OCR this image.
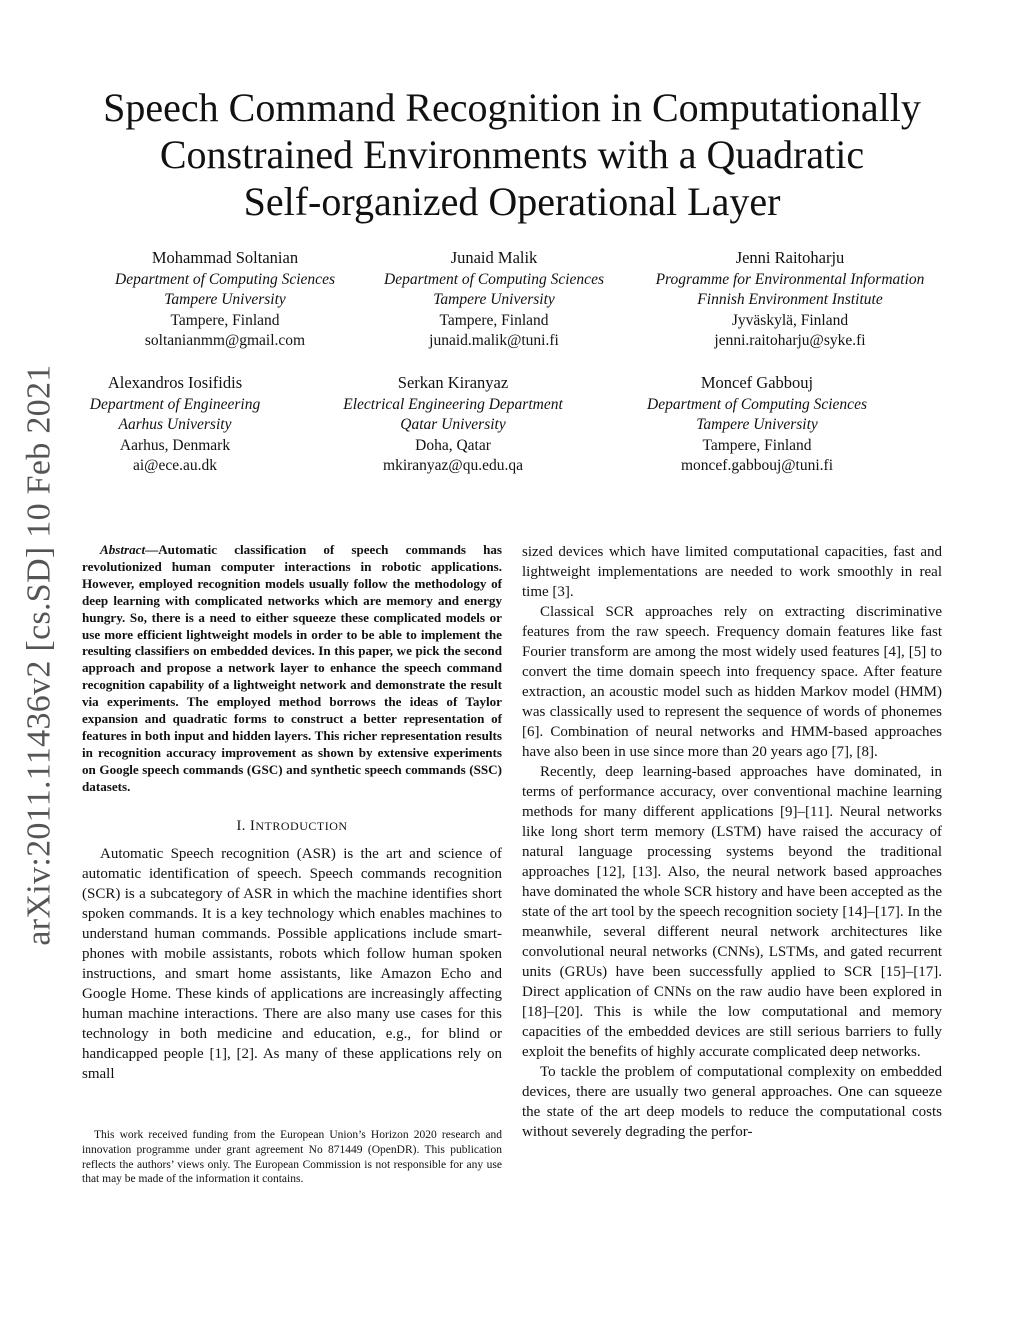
arXiv:2011.11436v2 [cs.SD] 10 Feb 2021
Speech Command Recognition in Computationally
Constrained Environments with a Quadratic
Self-organized Operational Layer
Mohammad Soltanian
Department of Computing Sciences
Tampere University
Tampere, Finland
soltanianmm@gmail.com
Junaid Malik
Department of Computing Sciences
Tampere University
Tampere, Finland
junaid.malik@tuni.fi
Jenni Raitoharju
Programme for Environmental Information
Finnish Environment Institute
Jyväskylä, Finland
jenni.raitoharju@syke.fi
Alexandros Iosifidis
Department of Engineering
Aarhus University
Aarhus, Denmark
ai@ece.au.dk
Serkan Kiranyaz
Electrical Engineering Department
Qatar University
Doha, Qatar
mkiranyaz@qu.edu.qa
Moncef Gabbouj
Department of Computing Sciences
Tampere University
Tampere, Finland
moncef.gabbouj@tuni.fi

Abstract—Automatic classification of speech commands has revolutionized human computer interactions in robotic applications. However, employed recognition models usually follow the methodology of deep learning with complicated networks which are memory and energy hungry. So, there is a need to either squeeze these complicated models or use more efficient lightweight models in order to be able to implement the resulting classifiers on embedded devices. In this paper, we pick the second approach and propose a network layer to enhance the speech command recognition capability of a lightweight network and demonstrate the result via experiments. The employed method borrows the ideas of Taylor expansion and quadratic forms to construct a better representation of features in both input and hidden layers. This richer representation results in recognition accuracy improvement as shown by extensive experiments on Google speech commands (GSC) and synthetic speech commands (SSC) datasets.

I. INTRODUCTION

Automatic Speech recognition (ASR) is the art and science of automatic identification of speech. Speech commands recognition (SCR) is a subcategory of ASR in which the machine identifies short spoken commands. It is a key technology which enables machines to understand human commands. Possible applications include smart-phones with mobile assistants, robots which follow human spoken instructions, and smart home assistants, like Amazon Echo and Google Home. These kinds of applications are increasingly affecting human machine interactions. There are also many use cases for this technology in both medicine and education, e.g., for blind or handicapped people [1], [2]. As many of these applications rely on small

This work received funding from the European Union’s Horizon 2020 research and innovation programme under grant agreement No 871449 (OpenDR). This publication reflects the authors’ views only. The European Commission is not responsible for any use that may be made of the information it contains.

sized devices which have limited computational capacities, fast and lightweight implementations are needed to work smoothly in real time [3].

Classical SCR approaches rely on extracting discriminative features from the raw speech. Frequency domain features like fast Fourier transform are among the most widely used features [4], [5] to convert the time domain speech into frequency space. After feature extraction, an acoustic model such as hidden Markov model (HMM) was classically used to represent the sequence of words of phonemes [6]. Combination of neural networks and HMM-based approaches have also been in use since more than 20 years ago [7], [8].

Recently, deep learning-based approaches have dominated, in terms of performance accuracy, over conventional machine learning methods for many different applications [9]–[11]. Neural networks like long short term memory (LSTM) have raised the accuracy of natural language processing systems beyond the traditional approaches [12], [13]. Also, the neural network based approaches have dominated the whole SCR history and have been accepted as the state of the art tool by the speech recognition society [14]–[17]. In the meanwhile, several different neural network architectures like convolutional neural networks (CNNs), LSTMs, and gated recurrent units (GRUs) have been successfully applied to SCR [15]–[17]. Direct application of CNNs on the raw audio have been explored in [18]–[20]. This is while the low computational and memory capacities of the embedded devices are still serious barriers to fully exploit the benefits of highly accurate complicated deep networks.

To tackle the problem of computational complexity on embedded devices, there are usually two general approaches. One can squeeze the state of the art deep models to reduce the computational costs without severely degrading the perfor-
